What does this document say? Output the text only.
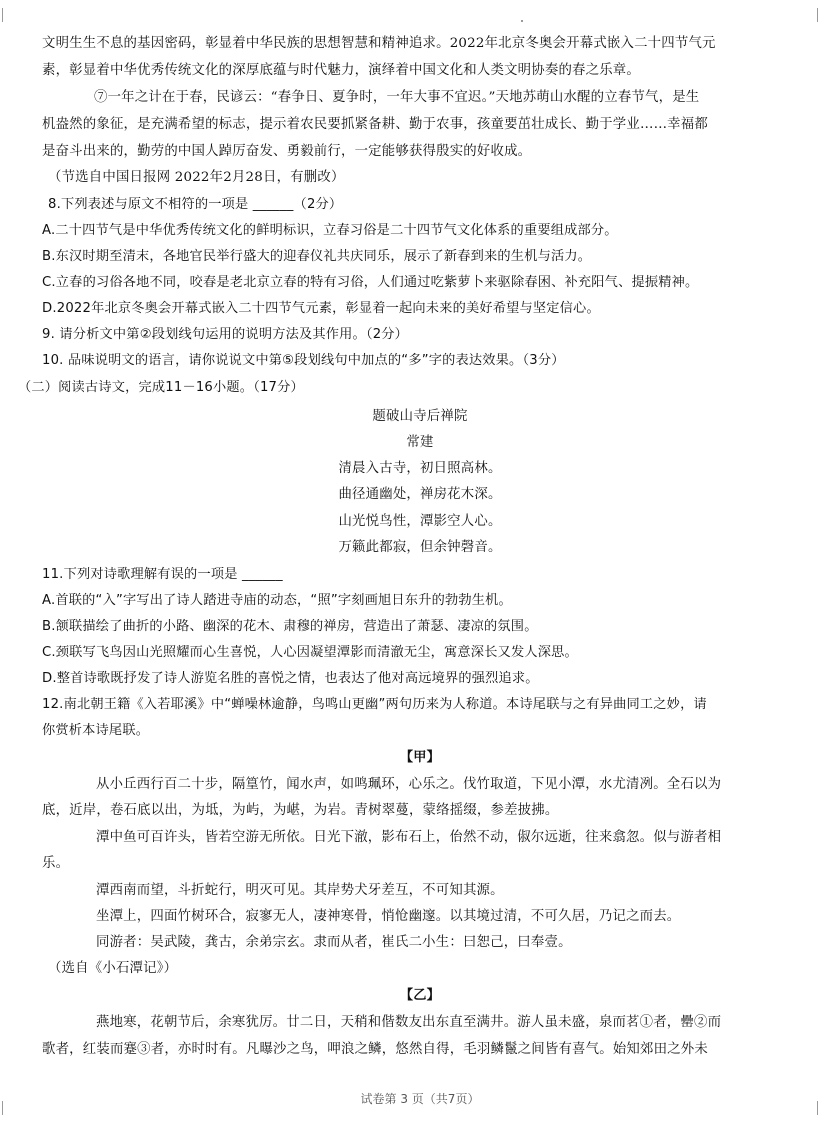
文明生生不息的基因密码，彰显着中华民族的思想智慧和精神追求。2022年北京冬奥会开幕式嵌入二十四节气元
素，彰显着中华优秀传统文化的深厚底蕴与时代魅力，演绎着中国文化和人类文明协奏的春之乐章。
⑦一年之计在于春，民谚云：“春争日、夏争时，一年大事不宜迟。”天地苏萌山水醒的立春节气，是生
机盎然的象征，是充满希望的标志，提示着农民要抓紧备耕、勤于农事，孩童要茁壮成长、勤于学业……幸福都
是奋斗出来的，勤劳的中国人踔厉奋发、勇毅前行，一定能够获得殷实的好收成。
（节选自中国日报网 2022年2月28日，有删改）
8.下列表述与原文不相符的一项是 ______（2分）
A.二十四节气是中华优秀传统文化的鲜明标识，立春习俗是二十四节气文化体系的重要组成部分。
B.东汉时期至清末，各地官民举行盛大的迎春仪礼共庆同乐，展示了新春到来的生机与活力。
C.立春的习俗各地不同，咬春是老北京立春的特有习俗，人们通过吃紫萝卜来驱除春困、补充阳气、提振精神。
D.2022年北京冬奥会开幕式嵌入二十四节气元素，彰显着一起向未来的美好希望与坚定信心。
9. 请分析文中第②段划线句运用的说明方法及其作用。（2分）
10. 品味说明文的语言，请你说说文中第⑤段划线句中加点的“多”字的表达效果。（3分）
（二）阅读古诗文，完成11－16小题。（17分）
11.下列对诗歌理解有误的一项是 ______
A.首联的“入”字写出了诗人踏进寺庙的动态，“照”字刻画旭日东升的勃勃生机。
B.颔联描绘了曲折的小路、幽深的花木、肃穆的禅房，营造出了萧瑟、凄凉的氛围。
C.颈联写飞鸟因山光照耀而心生喜悦，人心因凝望潭影而清澈无尘，寓意深长又发人深思。
D.整首诗歌既抒发了诗人游览名胜的喜悦之情，也表达了他对高远境界的强烈追求。
12.南北朝王籍《入若耶溪》中“蝉噪林逾静，鸟鸣山更幽”两句历来为人称道。本诗尾联与之有异曲同工之妙，请
你赏析本诗尾联。
从小丘西行百二十步，隔篁竹，闻水声，如鸣珮环，心乐之。伐竹取道，下见小潭，水尤清冽。全石以为
底，近岸，卷石底以出，为坻，为屿，为嵁，为岩。青树翠蔓，蒙络摇缀，参差披拂。
潭中鱼可百许头，皆若空游无所依。日光下澈，影布石上，佁然不动，俶尔远逝，往来翕忽。似与游者相
乐。
潭西南而望，斗折蛇行，明灭可见。其岸势犬牙差互，不可知其源。
坐潭上，四面竹树环合，寂寥无人，凄神寒骨，悄怆幽邃。以其境过清，不可久居，乃记之而去。
同游者：吴武陵，龚古，余弟宗玄。隶而从者，崔氏二小生：曰恕己，曰奉壹。
（选自《小石潭记》）
燕地寒，花朝节后，余寒犹厉。廿二日，天稍和偕数友出东直至满井。游人虽未盛，泉而茗①者，罍②而
歌者，红装而蹇③者，亦时时有。凡曝沙之鸟，呷浪之鳞，悠然自得，毛羽鳞鬣之间皆有喜气。始知郊田之外未
题破山寺后禅院
常建
清晨入古寺，初日照高林。
曲径通幽处，禅房花木深。
山光悦鸟性，潭影空人心。
万籁此都寂，但余钟磬音。
【甲】
【乙】
试卷第 3 页（共7页）
